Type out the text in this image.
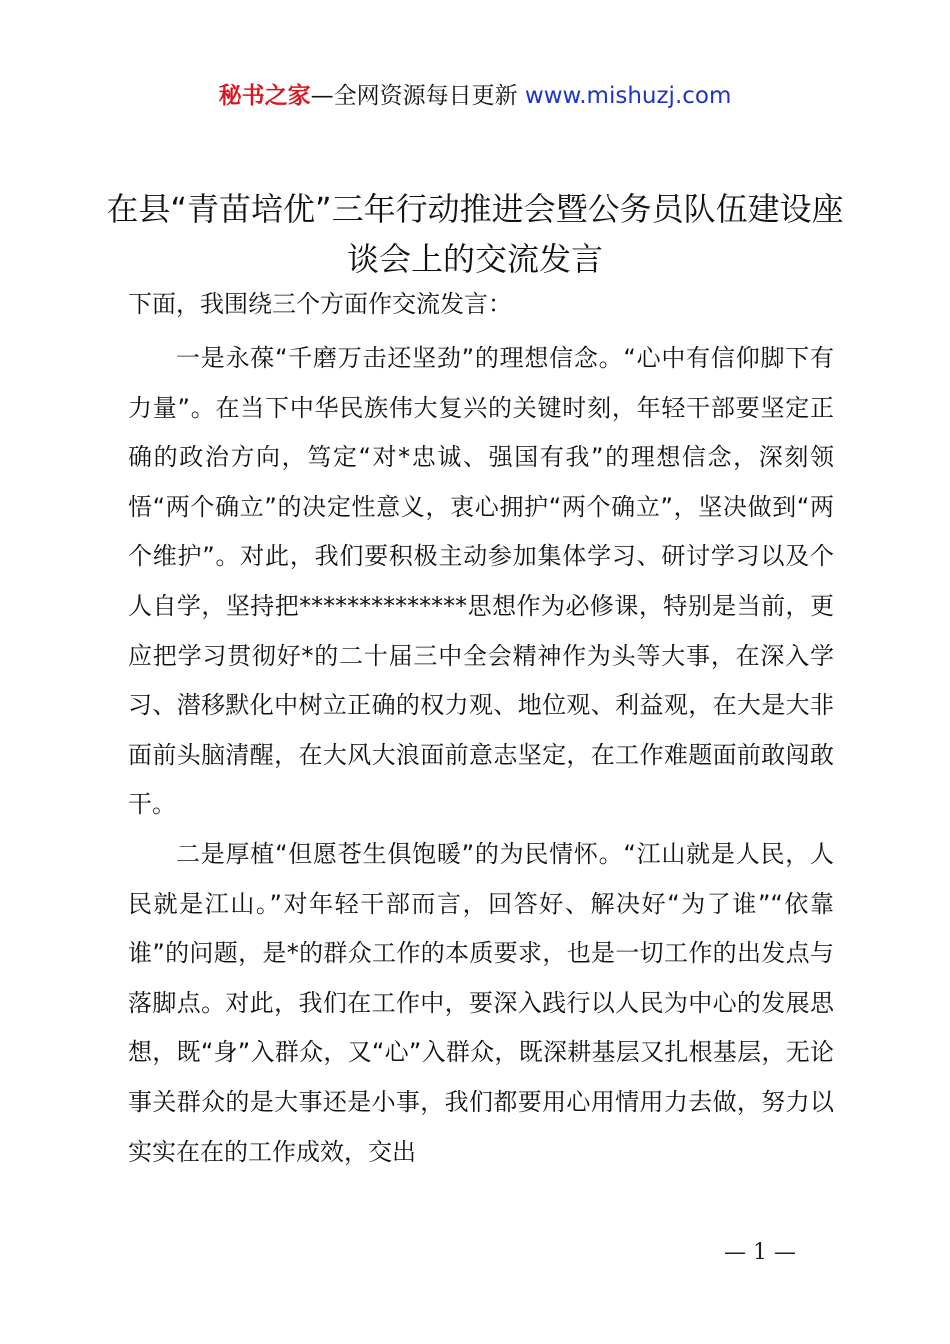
秘书之家—全网资源每日更新 www.mishuzj.com
在县“青苗培优”三年行动推进会暨公务员队伍建设座谈会上的交流发言

下面，我围绕三个方面作交流发言：

一是永葆“千磨万击还坚劲”的理想信念。“心中有信仰脚下有力量”。在当下中华民族伟大复兴的关键时刻，年轻干部要坚定正确的政治方向，笃定“对*忠诚、强国有我”的理想信念，深刻领悟“两个确立”的决定性意义，衷心拥护“两个确立”，坚决做到“两个维护”。对此，我们要积极主动参加集体学习、研讨学习以及个人自学，坚持把**************思想作为必修课，特别是当前，更应把学习贯彻好*的二十届三中全会精神作为头等大事，在深入学习、潜移默化中树立正确的权力观、地位观、利益观，在大是大非面前头脑清醒，在大风大浪面前意志坚定，在工作难题面前敢闯敢干。

二是厚植“但愿苍生俱饱暖”的为民情怀。“江山就是人民，人民就是江山。”对年轻干部而言，回答好、解决好“为了谁”“依靠谁”的问题，是*的群众工作的本质要求，也是一切工作的出发点与落脚点。对此，我们在工作中，要深入践行以人民为中心的发展思想，既“身”入群众，又“心”入群众，既深耕基层又扎根基层，无论事关群众的是大事还是小事，我们都要用心用情用力去做，努力以实实在在的工作成效，交出

— 1 —
